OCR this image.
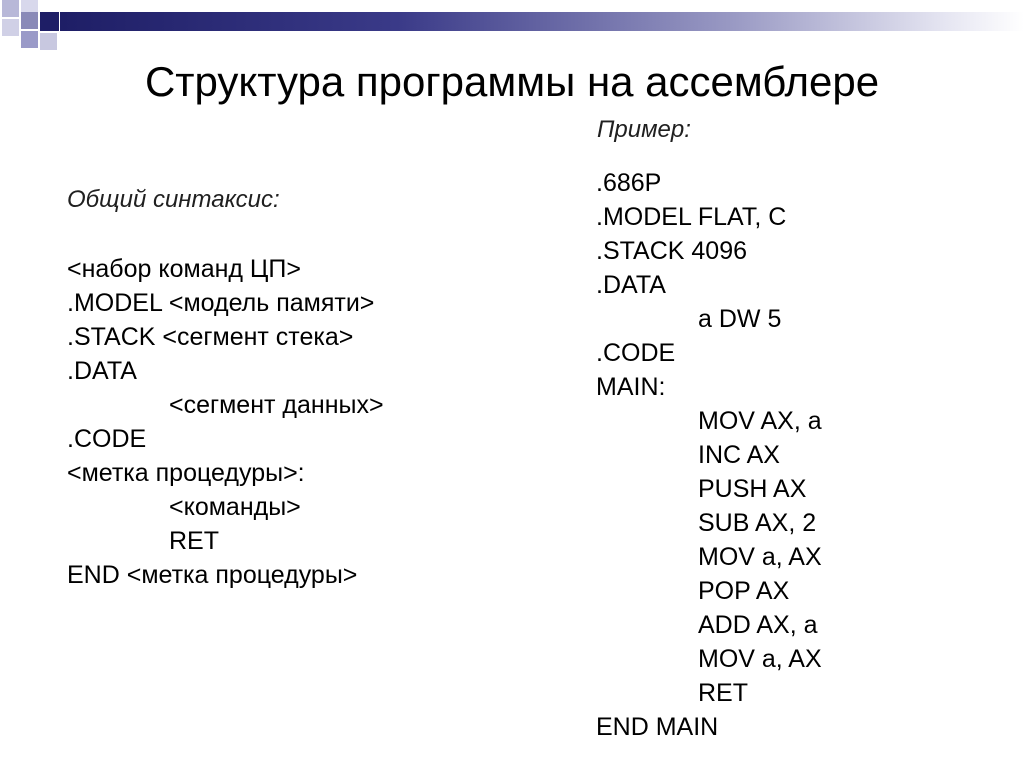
Структура программы на ассемблере
Общий синтаксис:
<набор команд ЦП>
.MODEL <модель памяти>
.STACK <сегмент стека>
.DATA
<сегмент данных>
.CODE
<метка процедуры>:
<команды>
RET
END <метка процедуры>
Пример:
.686P
.MODEL FLAT, C
.STACK 4096
.DATA
a DW 5
.CODE
MAIN:
MOV AX, a
INC AX
PUSH AX
SUB AX, 2
MOV a, AX
POP AX
ADD AX, a
MOV a, AX
RET
END MAIN
